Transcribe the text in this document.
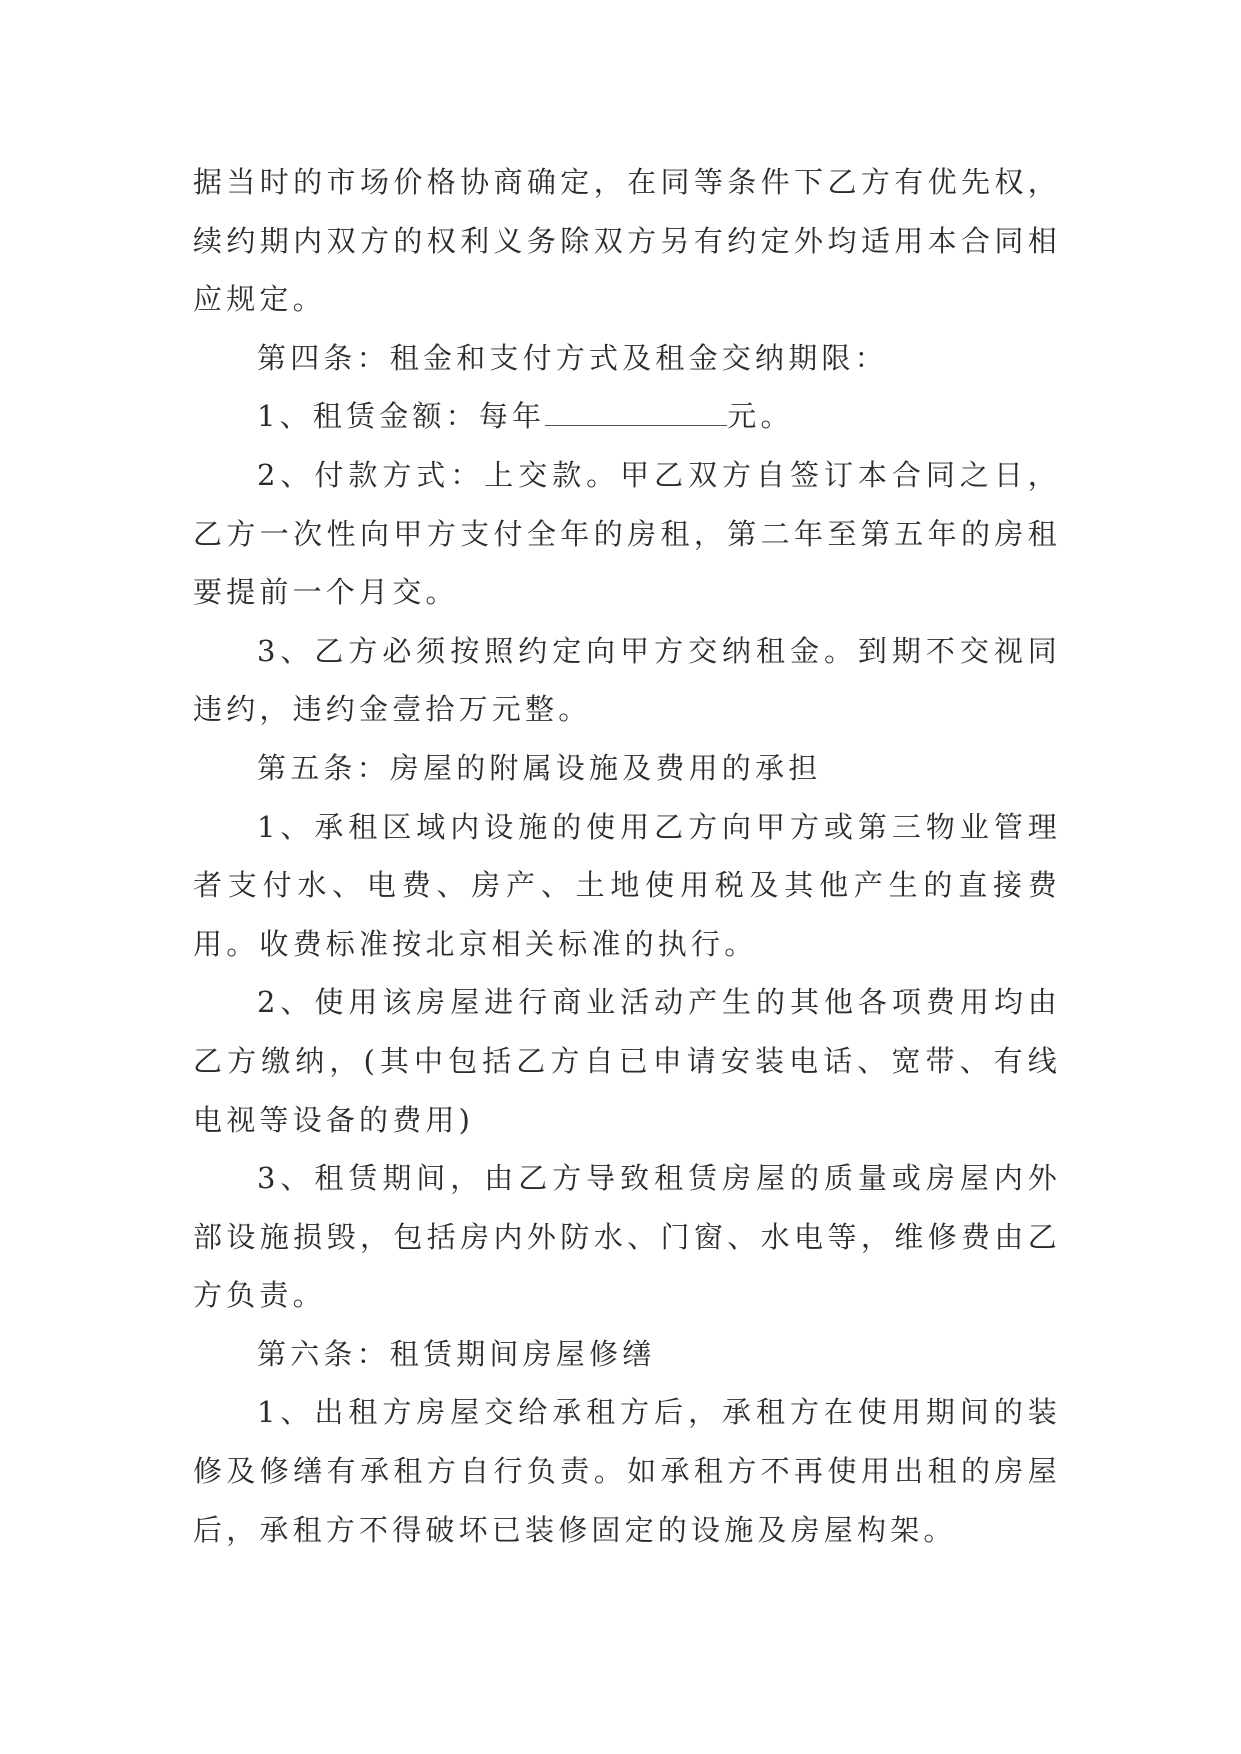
据当时的市场价格协商确定，在同等条件下乙方有优先权，续约期内双方的权利义务除双方另有约定外均适用本合同相应规定。

第四条：租金和支付方式及租金交纳期限：

1、租赁金额：每年	元。

2、付款方式：上交款。甲乙双方自签订本合同之日，乙方一次性向甲方支付全年的房租，第二年至第五年的房租要提前一个月交。

3、乙方必须按照约定向甲方交纳租金。到期不交视同违约，违约金壹拾万元整。

第五条：房屋的附属设施及费用的承担

1、承租区域内设施的使用乙方向甲方或第三物业管理者支付水、电费、房产、土地使用税及其他产生的直接费用。收费标准按北京相关标准的执行。

2、使用该房屋进行商业活动产生的其他各项费用均由乙方缴纳，(其中包括乙方自已申请安装电话、宽带、有线电视等设备的费用)

3、租赁期间，由乙方导致租赁房屋的质量或房屋内外部设施损毁，包括房内外防水、门窗、水电等，维修费由乙方负责。

第六条：租赁期间房屋修缮

1、出租方房屋交给承租方后，承租方在使用期间的装修及修缮有承租方自行负责。如承租方不再使用出租的房屋后，承租方不得破坏已装修固定的设施及房屋构架。
